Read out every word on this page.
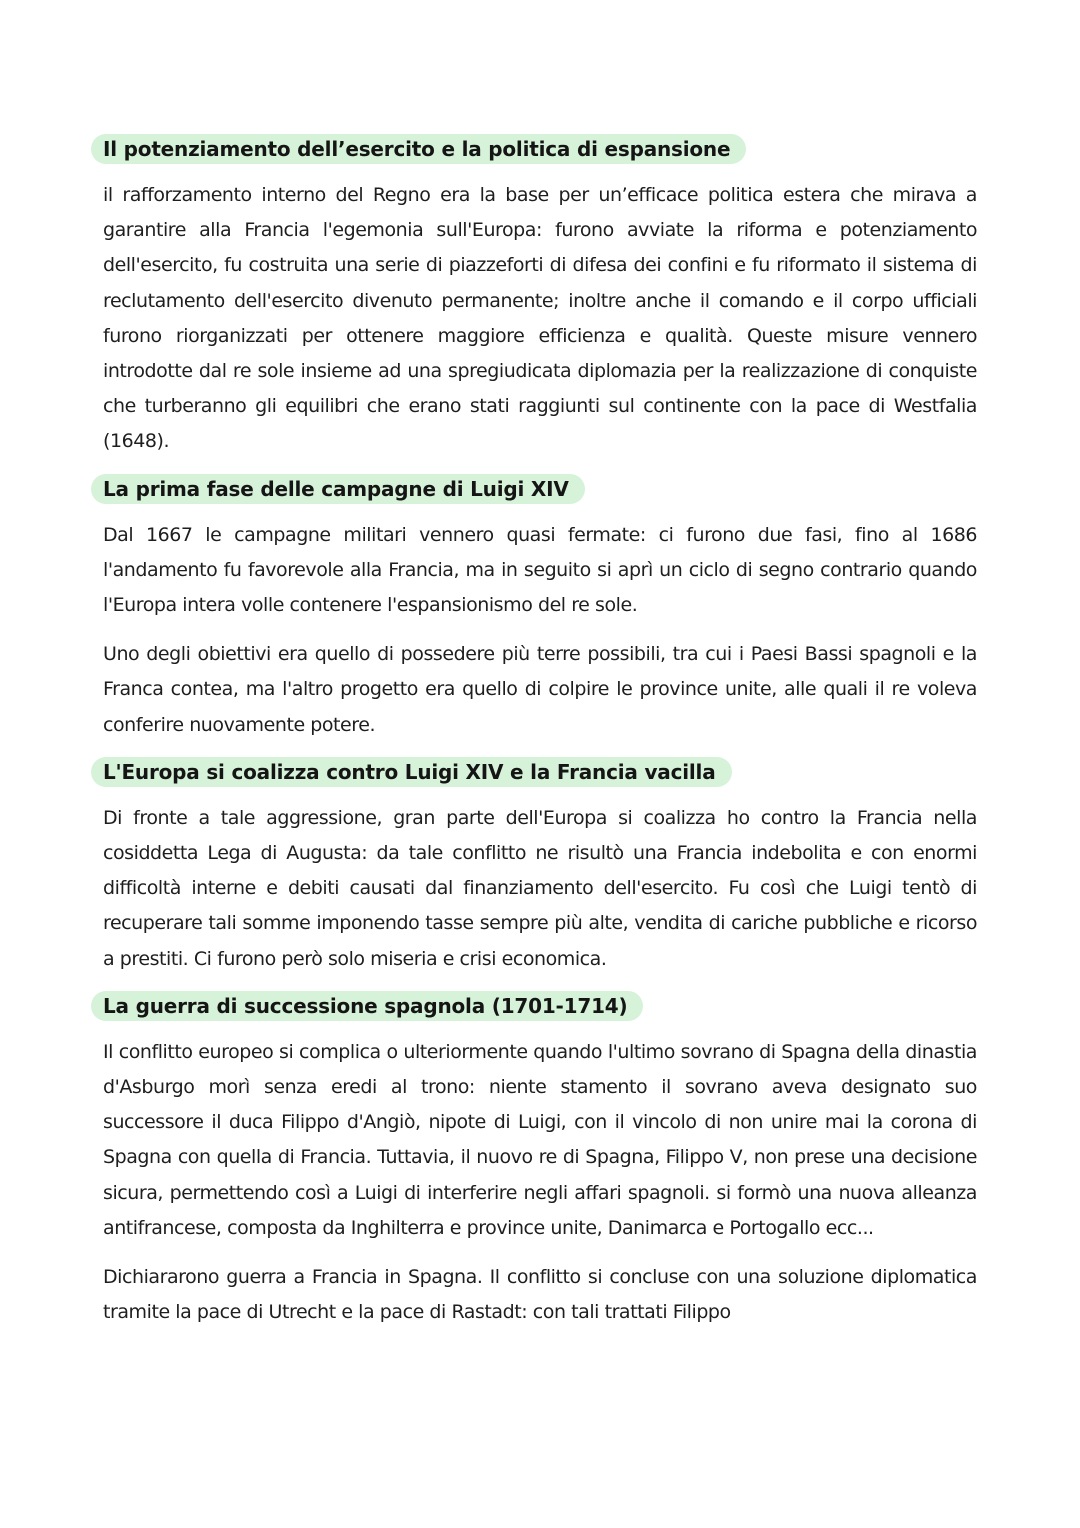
Il potenziamento dell’esercito e la politica di espansione

il rafforzamento interno del Regno era la base per un’efficace politica estera che mirava a garantire alla Francia l'egemonia sull'Europa: furono avviate la riforma e potenziamento dell'esercito, fu costruita una serie di piazzeforti di difesa dei confini e fu riformato il sistema di reclutamento dell'esercito divenuto permanente; inoltre anche il comando e il corpo ufficiali furono riorganizzati per ottenere maggiore efficienza e qualità. Queste misure vennero introdotte dal re sole insieme ad una spregiudicata diplomazia per la realizzazione di conquiste che turberanno gli equilibri che erano stati raggiunti sul continente con la pace di Westfalia (1648).

La prima fase delle campagne di Luigi XIV

Dal 1667 le campagne militari vennero quasi fermate: ci furono due fasi, fino al 1686 l'andamento fu favorevole alla Francia, ma in seguito si aprì un ciclo di segno contrario quando l'Europa intera volle contenere l'espansionismo del re sole.

Uno degli obiettivi era quello di possedere più terre possibili, tra cui i Paesi Bassi spagnoli e la Franca contea, ma l'altro progetto era quello di colpire le province unite, alle quali il re voleva conferire nuovamente potere.

L'Europa si coalizza contro Luigi XIV e la Francia vacilla

Di fronte a tale aggressione, gran parte dell'Europa si coalizza ho contro la Francia nella cosiddetta Lega di Augusta: da tale conflitto ne risultò una Francia indebolita e con enormi difficoltà interne e debiti causati dal finanziamento dell'esercito. Fu così che Luigi tentò di recuperare tali somme imponendo tasse sempre più alte, vendita di cariche pubbliche e ricorso a prestiti. Ci furono però solo miseria e crisi economica.

La guerra di successione spagnola (1701-1714)

Il conflitto europeo si complica o ulteriormente quando l'ultimo sovrano di Spagna della dinastia d'Asburgo morì senza eredi al trono: niente stamento il sovrano aveva designato suo successore il duca Filippo d'Angiò, nipote di Luigi, con il vincolo di non unire mai la corona di Spagna con quella di Francia. Tuttavia, il nuovo re di Spagna, Filippo V, non prese una decisione sicura, permettendo così a Luigi di interferire negli affari spagnoli. si formò una nuova alleanza antifrancese, composta da Inghilterra e province unite, Danimarca e Portogallo ecc...

Dichiararono guerra a Francia in Spagna. Il conflitto si concluse con una soluzione diplomatica tramite la pace di Utrecht e la pace di Rastadt: con tali trattati Filippo
